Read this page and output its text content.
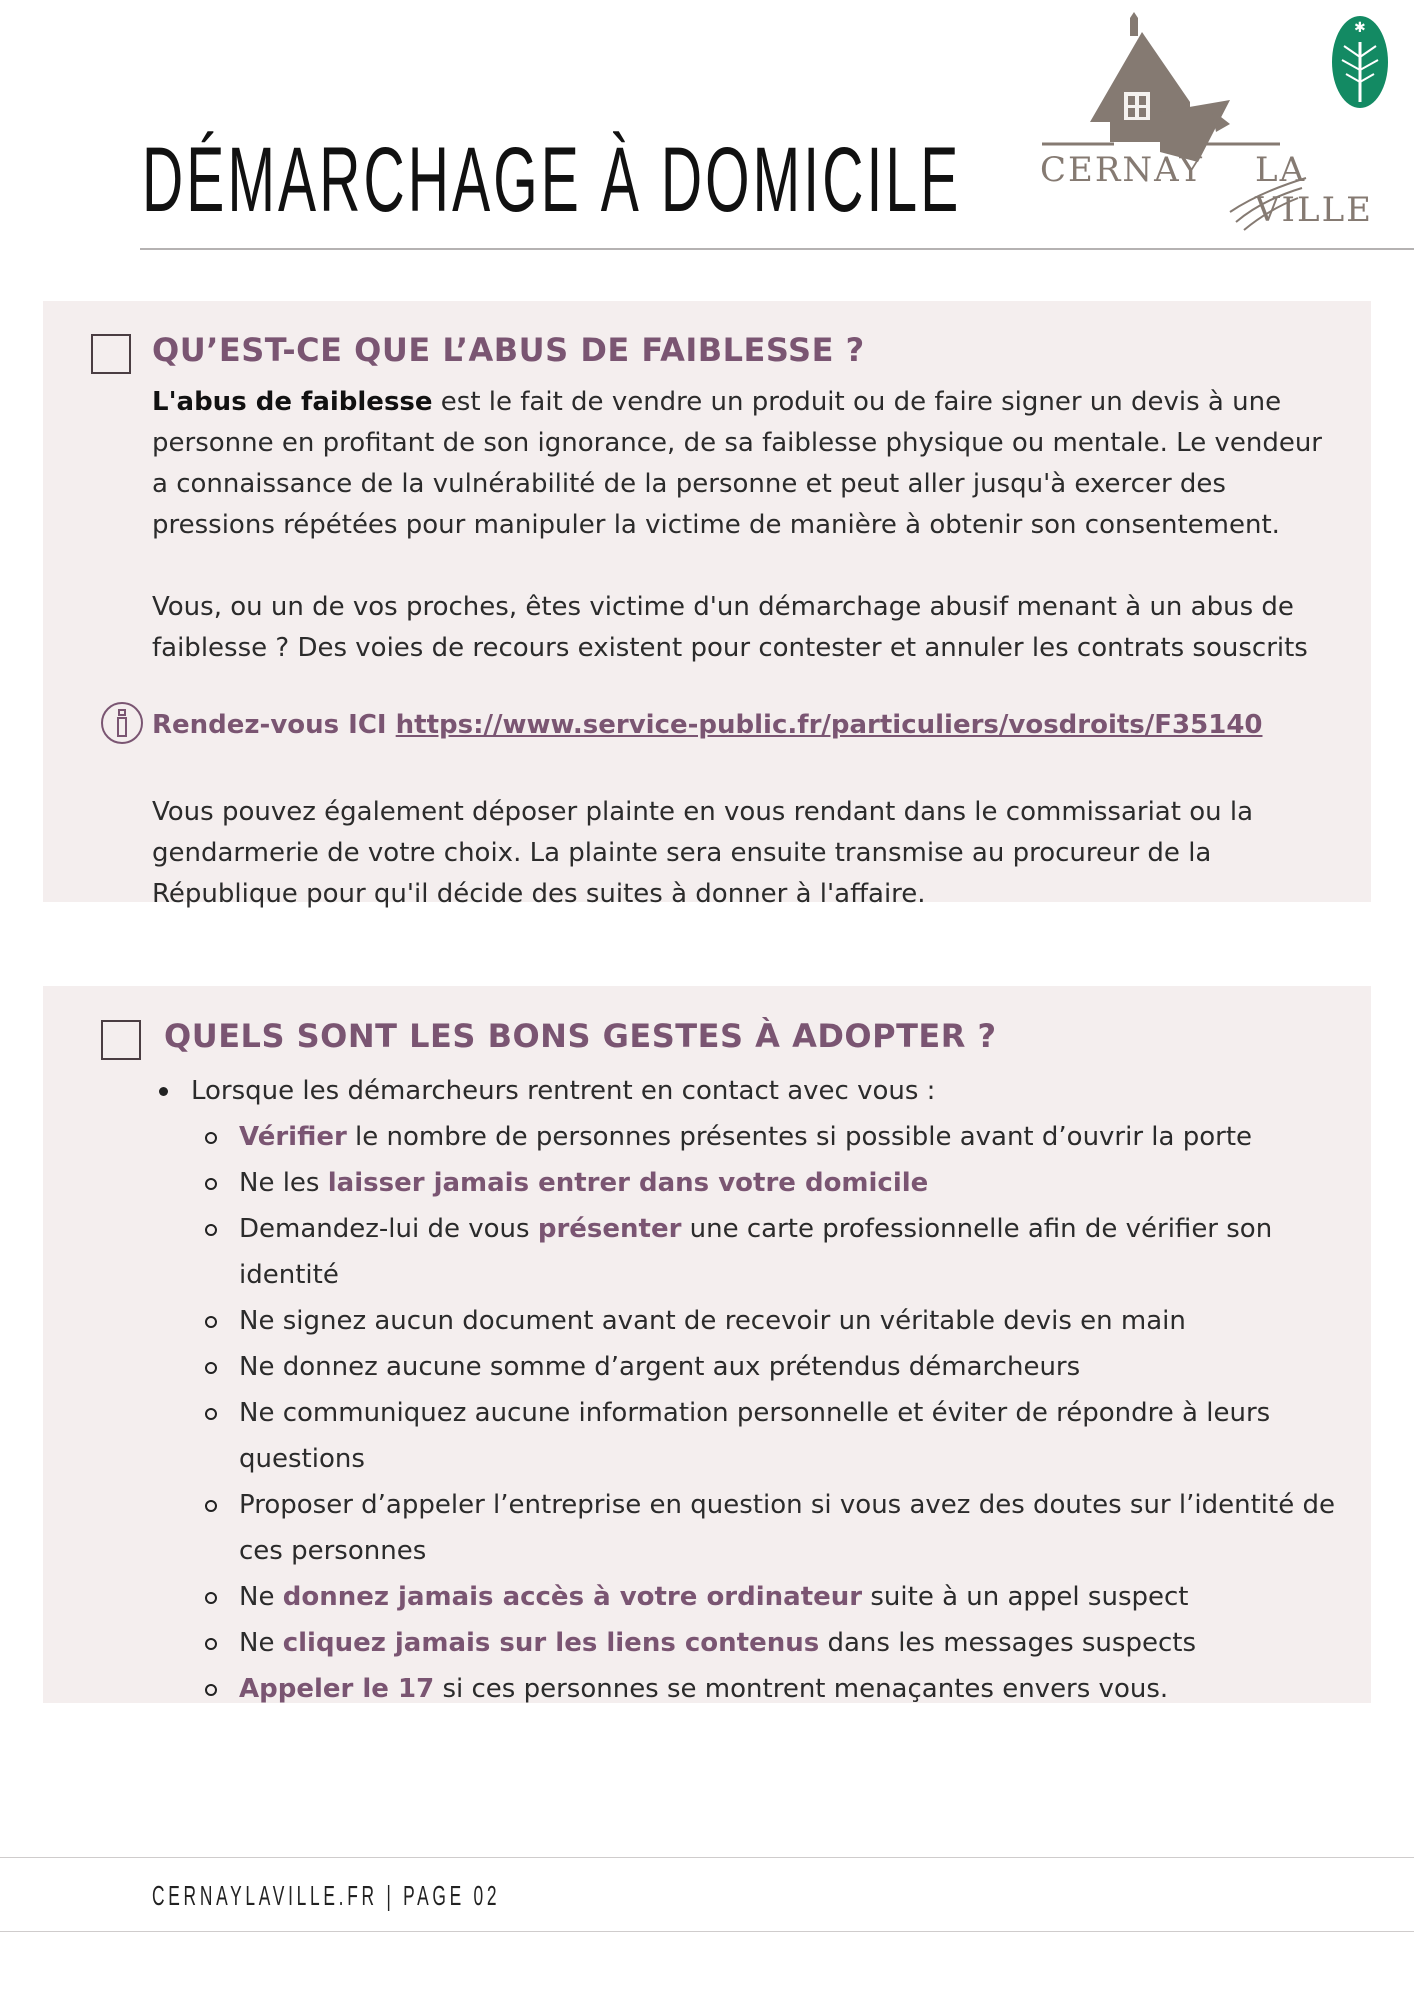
DÉMARCHAGE À DOMICILE
✱
CERNAY LA VILLE
QU’EST-CE QUE L’ABUS DE FAIBLESSE ?
L'abus de faiblesse est le fait de vendre un produit ou de faire signer un devis à une personne en profitant de son ignorance, de sa faiblesse physique ou mentale. Le vendeur a connaissance de la vulnérabilité de la personne et peut aller jusqu'à exercer des pressions répétées pour manipuler la victime de manière à obtenir son consentement.
Vous, ou un de vos proches, êtes victime d'un démarchage abusif menant à un abus de faiblesse ? Des voies de recours existent pour contester et annuler les contrats souscrits
Rendez-vous ICI https://www.service-public.fr/particuliers/vosdroits/F35140
Vous pouvez également déposer plainte en vous rendant dans le commissariat ou la gendarmerie de votre choix. La plainte sera ensuite transmise au procureur de la République pour qu'il décide des suites à donner à l'affaire.
QUELS SONT LES BONS GESTES À ADOPTER ?
Lorsque les démarcheurs rentrent en contact avec vous :
Vérifier le nombre de personnes présentes si possible avant d’ouvrir la porte
Ne les laisser jamais entrer dans votre domicile
Demandez-lui de vous présenter une carte professionnelle afin de vérifier son identité
Ne signez aucun document avant de recevoir un véritable devis en main
Ne donnez aucune somme d’argent aux prétendus démarcheurs
Ne communiquez aucune information personnelle et éviter de répondre à leurs questions
Proposer d’appeler l’entreprise en question si vous avez des doutes sur l’identité de ces personnes
Ne donnez jamais accès à votre ordinateur suite à un appel suspect
Ne cliquez jamais sur les liens contenus dans les messages suspects
Appeler le 17 si ces personnes se montrent menaçantes envers vous.
CERNAYLAVILLE.FR | PAGE 02
